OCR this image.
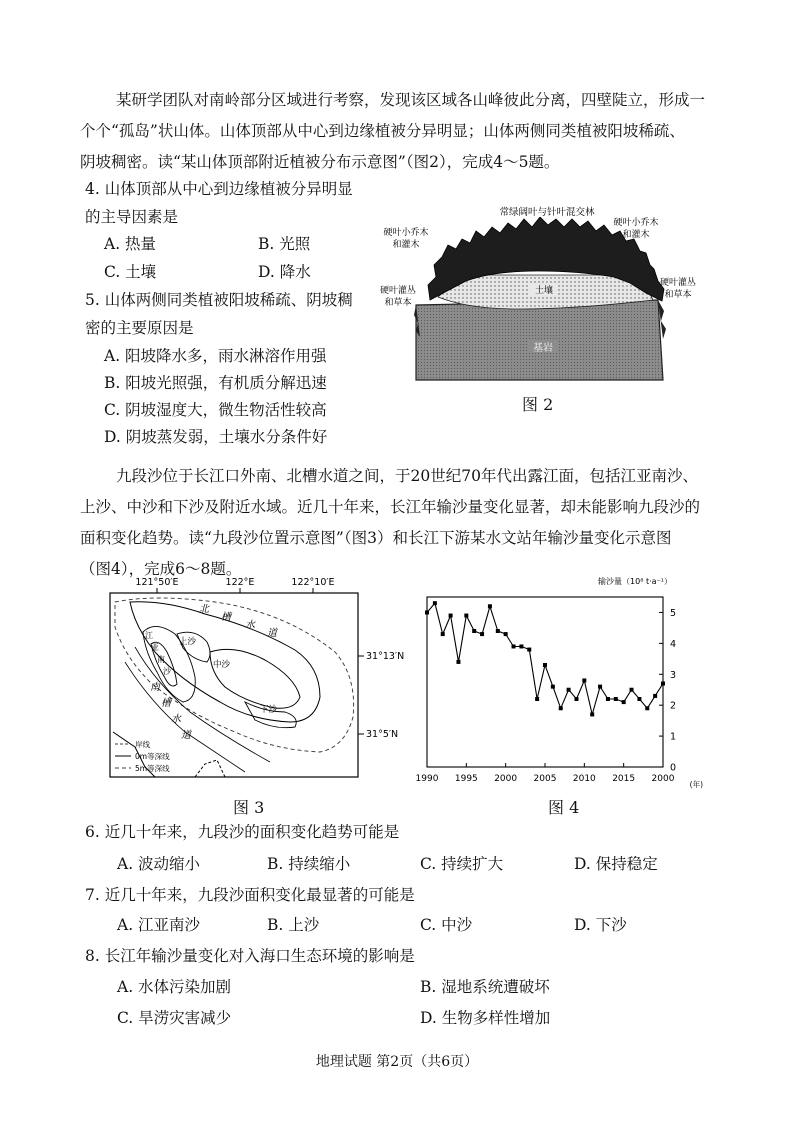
某研学团队对南岭部分区域进行考察，发现该区域各山峰彼此分离，四壁陡立，形成一
个个“孤岛”状山体。山体顶部从中心到边缘植被分异明显；山体两侧同类植被阳坡稀疏、
阴坡稠密。读“某山体顶部附近植被分布示意图”（图2），完成4～5题。
4. 山体顶部从中心到边缘植被分异明显
的主导因素是
A. 热量	B. 光照
C. 土壤	D. 降水
5. 山体两侧同类植被阳坡稀疏、阴坡稠
密的主要原因是
A. 阳坡降水多，雨水淋溶作用强
B. 阳坡光照强，有机质分解迅速
C. 阴坡湿度大，微生物活性较高
D. 阴坡蒸发弱，土壤水分条件好
常绿阔叶与针叶混交林
硬叶小乔木
和灌木
硬叶小乔木
和灌木
硬叶灌丛
和草本
硬叶灌丛
和草本
土壤
基岩
图 2
九段沙位于长江口外南、北槽水道之间，于20世纪70年代出露江面，包括江亚南沙、
上沙、中沙和下沙及附近水域。近几十年来，长江年输沙量变化显著，却未能影响九段沙的
面积变化趋势。读“九段沙位置示意图”（图3）和长江下游某水文站年输沙量变化示意图
（图4），完成6～8题。
121°50′E	122°E	122°10′E
31°13′N
31°5′N
北
槽
水
道
南
槽
水
道
江
亚
南
沙
上沙
中沙
下沙
岸线
0m等深线
5m等深线
图 3
输沙量（10⁸ t·a⁻¹）
(年)
0
1
2
3
4
5
1990 1995 2000 2005 2010 2015 2000
图 4
6. 近几十年来，九段沙的面积变化趋势可能是
A. 波动缩小	B. 持续缩小	C. 持续扩大	D. 保持稳定
7. 近几十年来，九段沙面积变化最显著的可能是
A. 江亚南沙	B. 上沙	C. 中沙	D. 下沙
8. 长江年输沙量变化对入海口生态环境的影响是
A. 水体污染加剧	B. 湿地系统遭破坏
C. 旱涝灾害减少	D. 生物多样性增加
地理试题 第2页（共6页）
